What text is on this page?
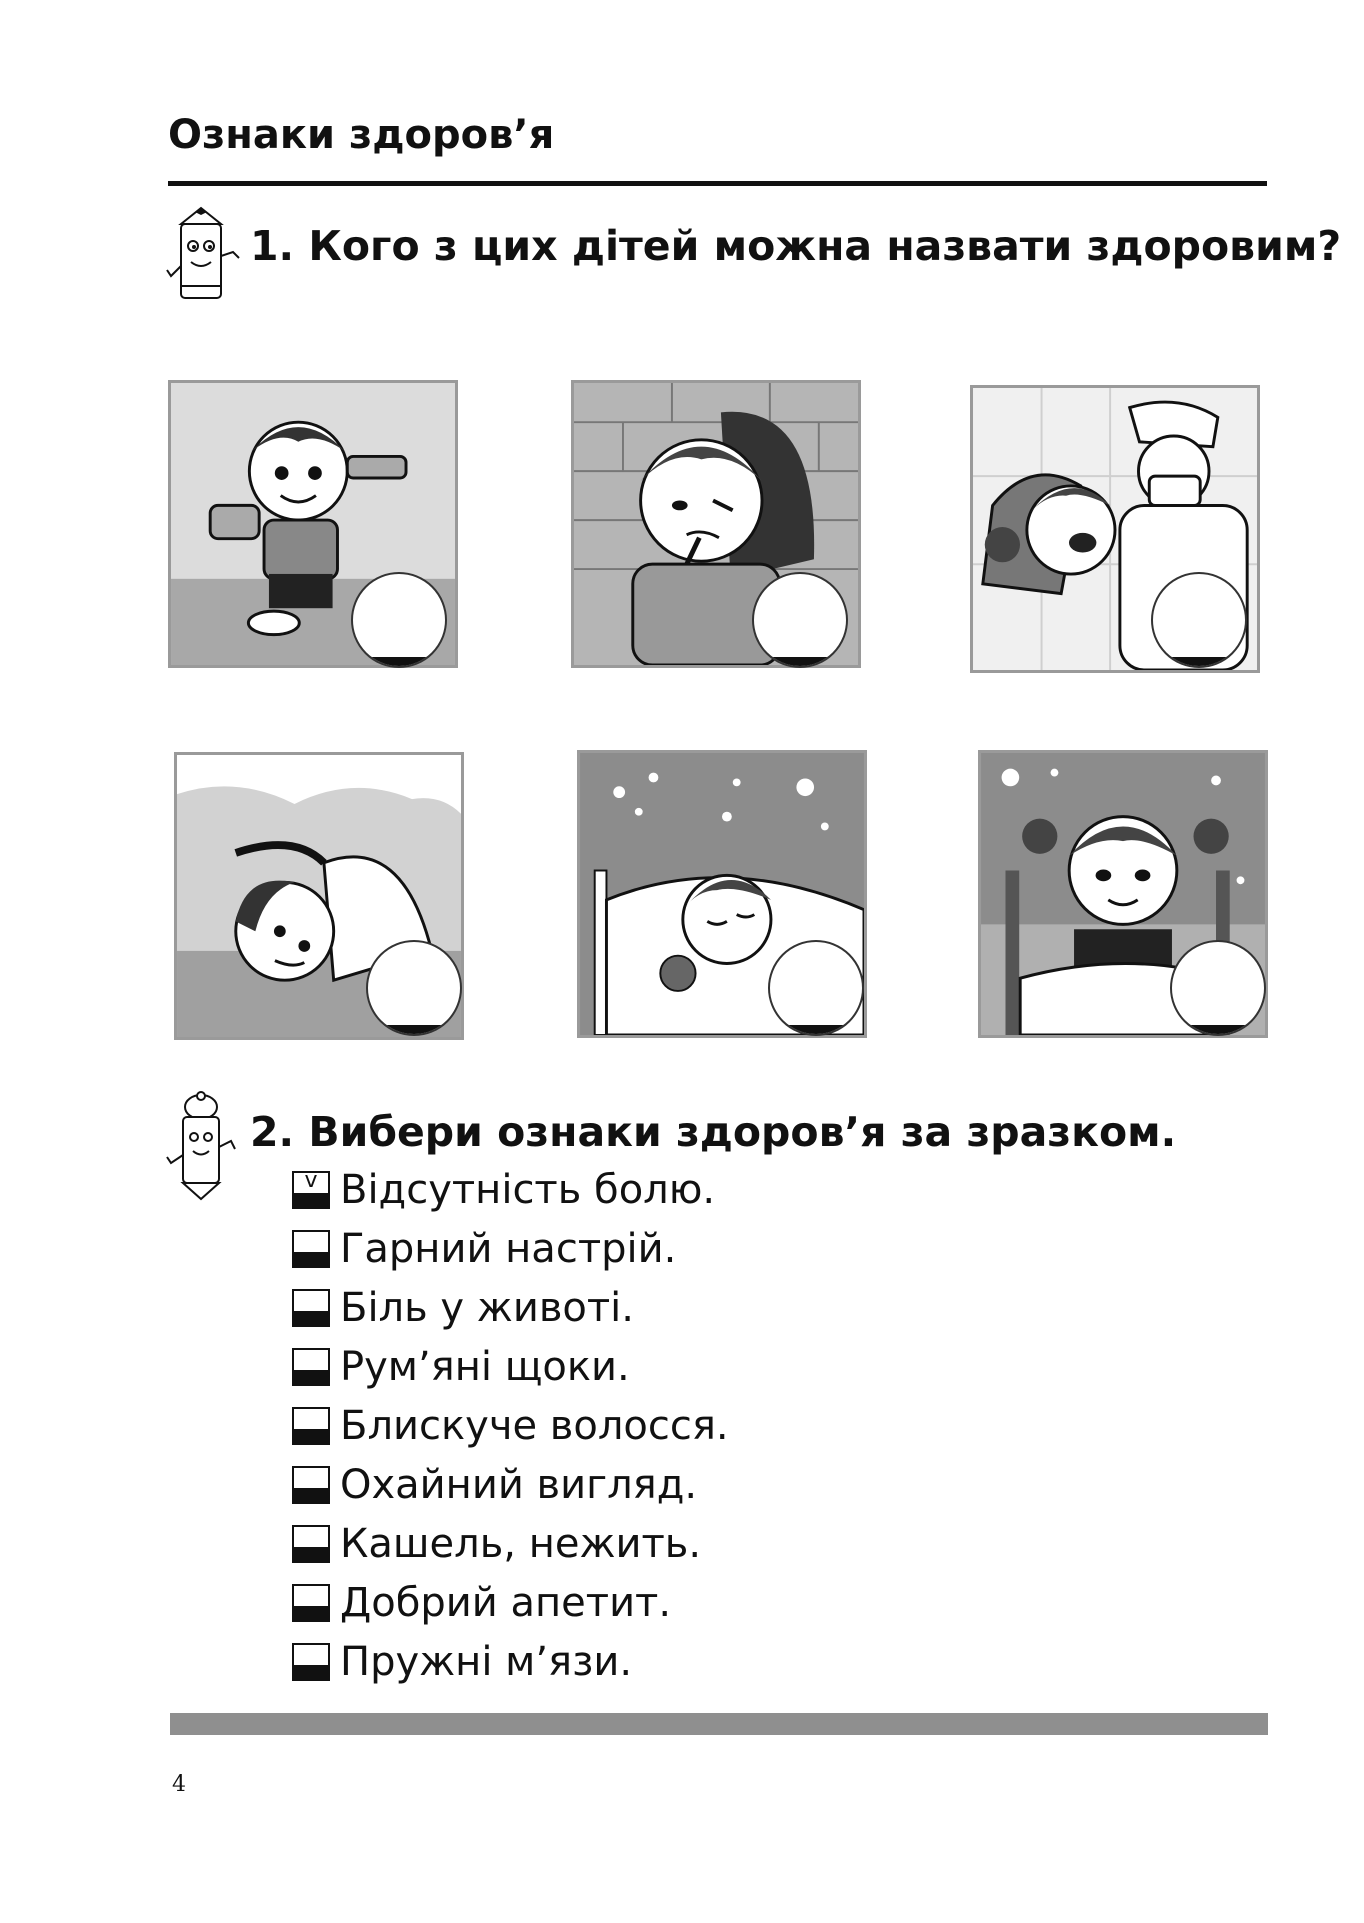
Ознаки здоров’я
1. Кого з цих дітей можна назвати здоровим?
2. Вибери ознаки здоров’я за зразком.
v Відсутність болю.
Гарний настрій.
Біль у животі.
Рум’яні щоки.
Блискуче волосся.
Охайний вигляд.
Кашель, нежить.
Добрий апетит.
Пружні м’язи.
4
